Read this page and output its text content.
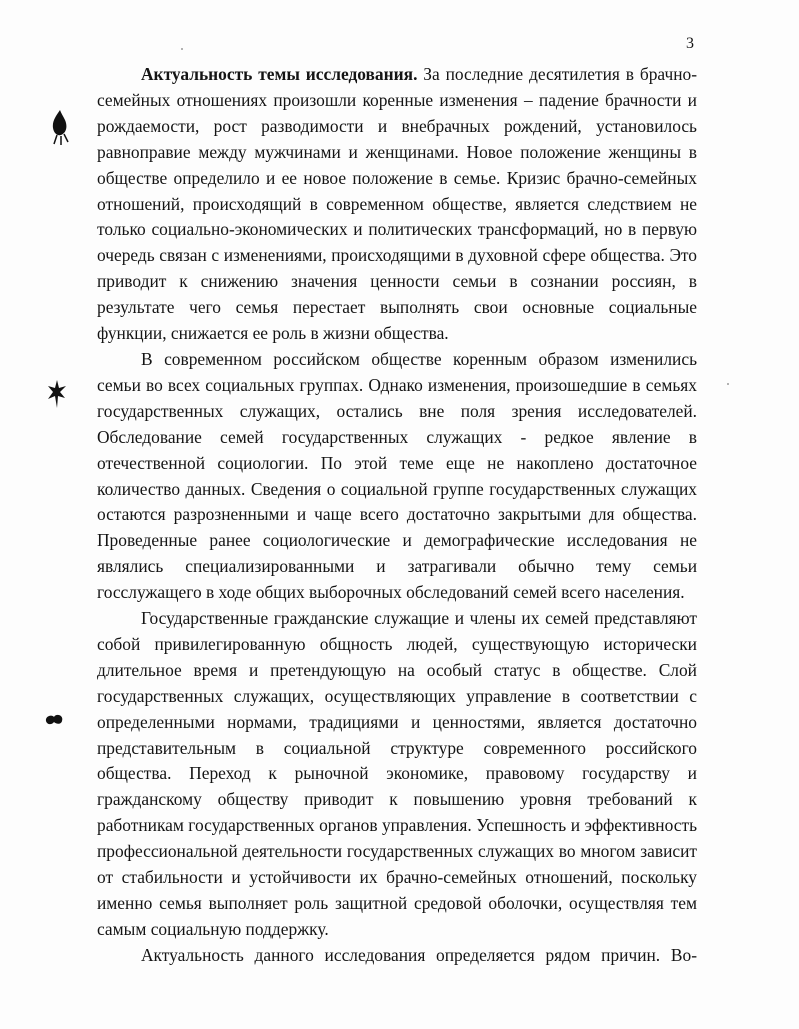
3

Актуальность темы исследования. За последние десятилетия в брачно-семейных отношениях произошли коренные изменения – падение брачности и рождаемости, рост разводимости и внебрачных рождений, установилось равноправие между мужчинами и женщинами. Новое положение женщины в обществе определило и ее новое положение в семье. Кризис брачно-семейных отношений, происходящий в современном обществе, является следствием не только социально-экономических и политических трансформаций, но в первую очередь связан с изменениями, происходящими в духовной сфере общества. Это приводит к снижению значения ценности семьи в сознании россиян, в результате чего семья перестает выполнять свои основные социальные функции, снижается ее роль в жизни общества.

В современном российском обществе коренным образом изменились семьи во всех социальных группах. Однако изменения, произошедшие в семьях государственных служащих, остались вне поля зрения исследователей. Обследование семей государственных служащих - редкое явление в отечественной социологии. По этой теме еще не накоплено достаточное количество данных. Сведения о социальной группе государственных служащих остаются разрозненными и чаще всего достаточно закрытыми для общества. Проведенные ранее социологические и демографические исследования не являлись специализированными и затрагивали обычно тему семьи госслужащего в ходе общих выборочных обследований семей всего населения.

Государственные гражданские служащие и члены их семей представляют собой привилегированную общность людей, существующую исторически длительное время и претендующую на особый статус в обществе. Слой государственных служащих, осуществляющих управление в соответствии с определенными нормами, традициями и ценностями, является достаточно представительным в социальной структуре современного российского общества. Переход к рыночной экономике, правовому государству и гражданскому обществу приводит к повышению уровня требований к работникам государственных органов управления. Успешность и эффективность профессиональной деятельности государственных служащих во многом зависит от стабильности и устойчивости их брачно-семейных отношений, поскольку именно семья выполняет роль защитной средовой оболочки, осуществляя тем самым социальную поддержку.

Актуальность данного исследования определяется рядом причин. Во-
